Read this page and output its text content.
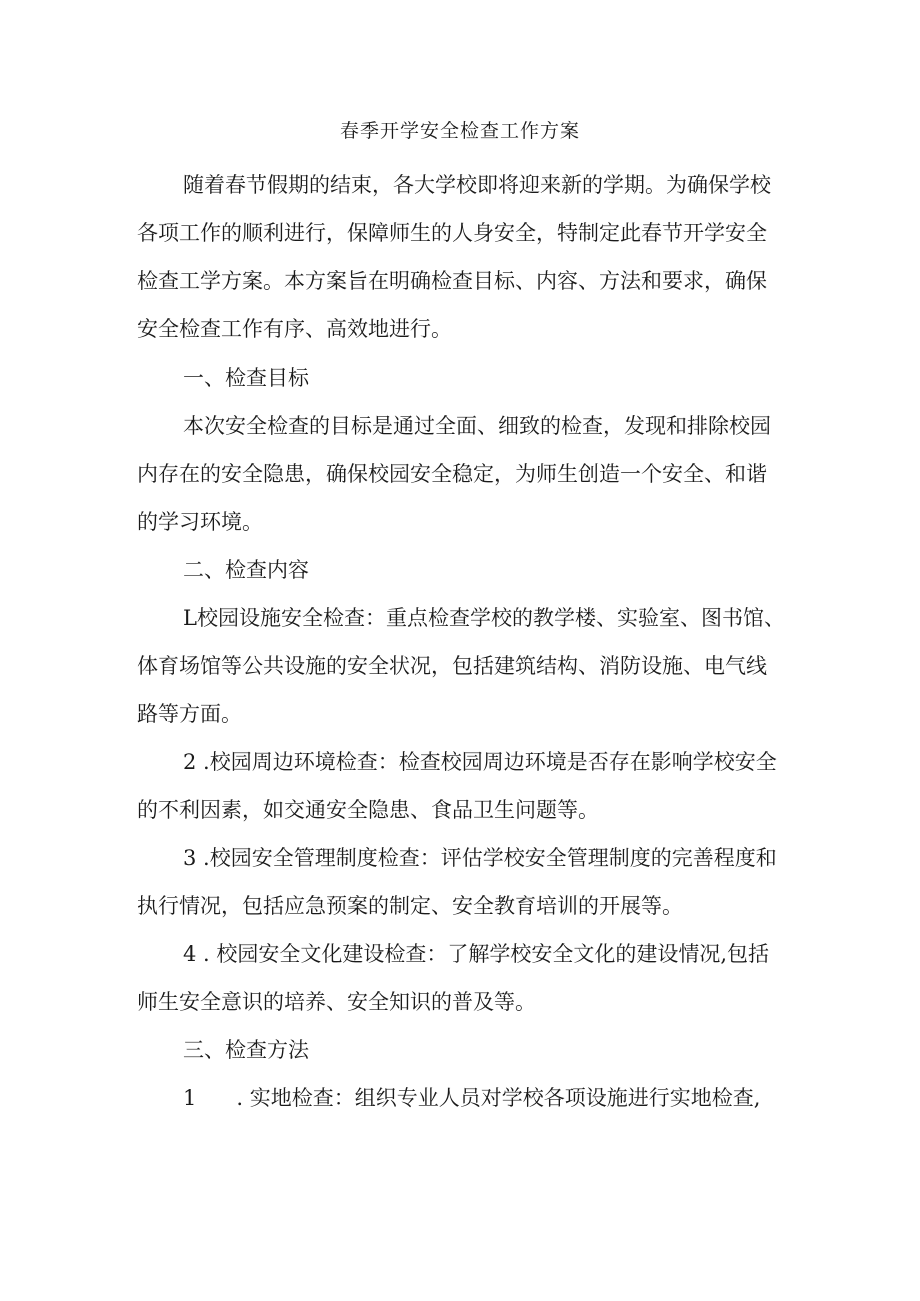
春季开学安全检查工作方案
随着春节假期的结束，各大学校即将迎来新的学期。为确保学校
各项工作的顺利进行，保障师生的人身安全，特制定此春节开学安全
检查工学方案。本方案旨在明确检查目标、内容、方法和要求，确保
安全检查工作有序、高效地进行。
一、检查目标
本次安全检查的目标是通过全面、细致的检查，发现和排除校园
内存在的安全隐患，确保校园安全稳定，为师生创造一个安全、和谐
的学习环境。
二、检查内容
L校园设施安全检查：重点检查学校的教学楼、实验室、图书馆、
体育场馆等公共设施的安全状况，包括建筑结构、消防设施、电气线
路等方面。
2 .校园周边环境检查：检查校园周边环境是否存在影响学校安全
的不利因素，如交通安全隐患、食品卫生问题等。
3 .校园安全管理制度检查：评估学校安全管理制度的完善程度和
执行情况，包括应急预案的制定、安全教育培训的开展等。
4 . 校园安全文化建设检查：了解学校安全文化的建设情况,包括
师生安全意识的培养、安全知识的普及等。
三、检查方法
1 . 实地检查：组织专业人员对学校各项设施进行实地检查,
